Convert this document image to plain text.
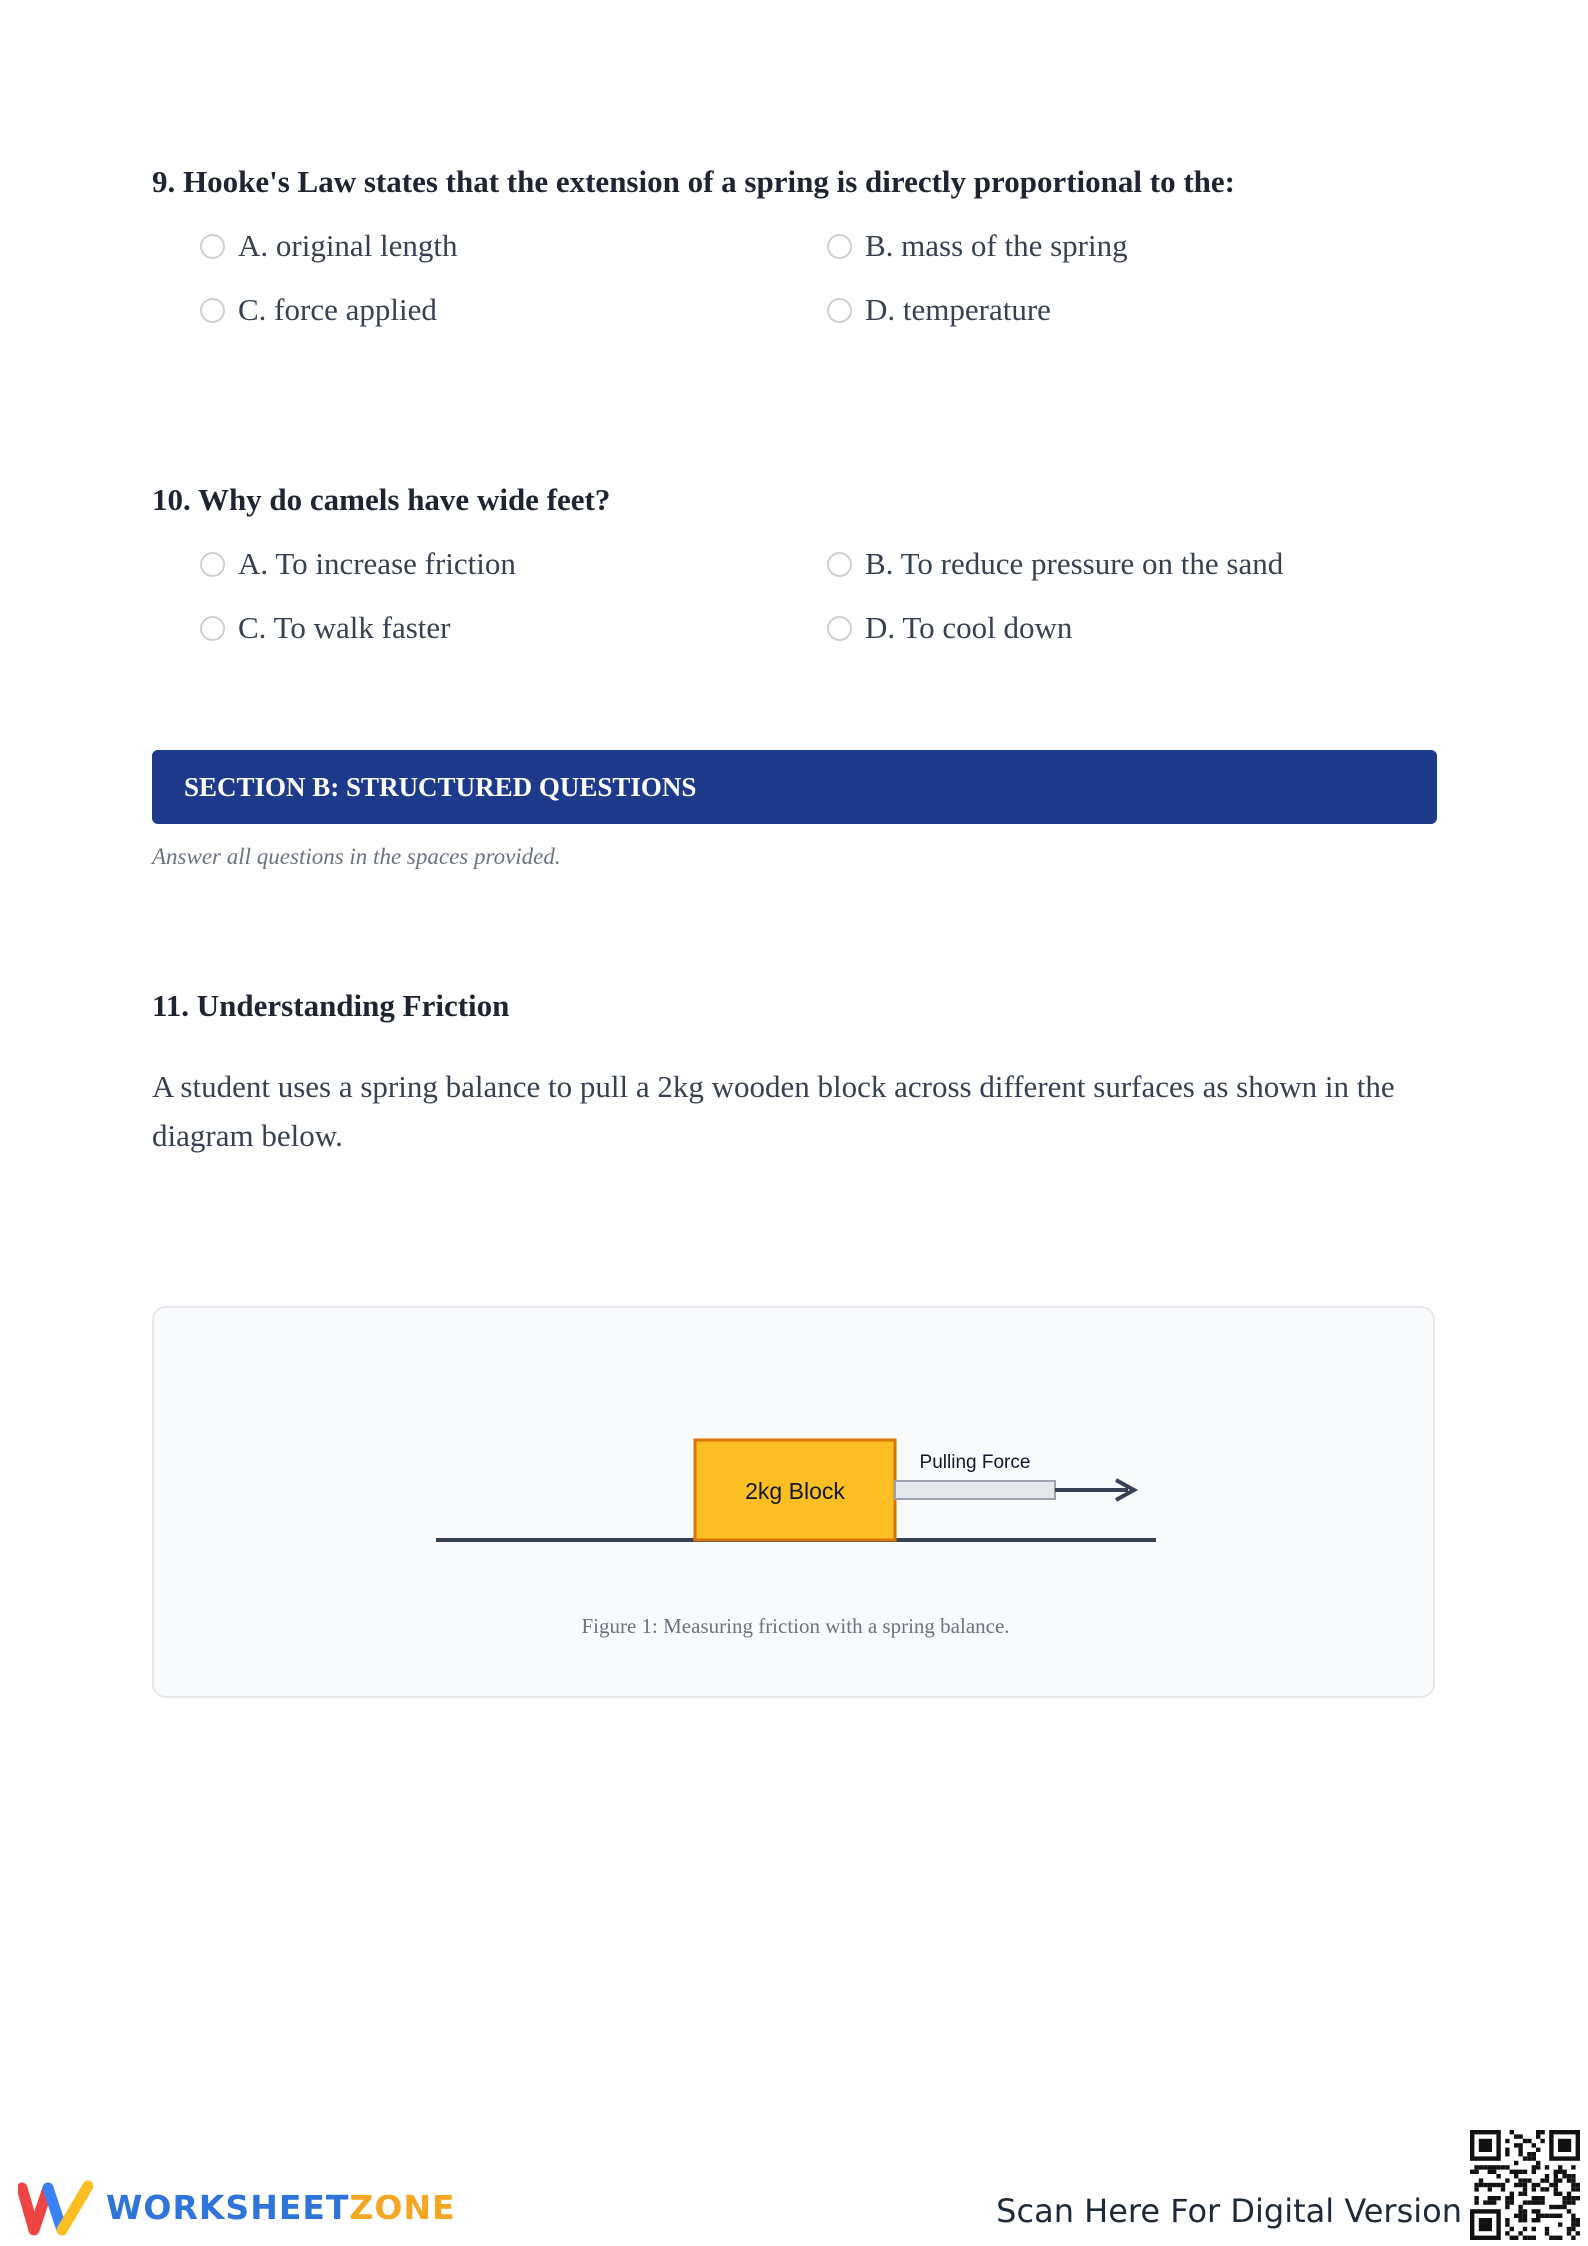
9. Hooke's Law states that the extension of a spring is directly proportional to the:
A. original length	B. mass of the spring
C. force applied	D. temperature
10. Why do camels have wide feet?
A. To increase friction	B. To reduce pressure on the sand
C. To walk faster	D. To cool down
SECTION B: STRUCTURED QUESTIONS
Answer all questions in the spaces provided.
11. Understanding Friction

A student uses a spring balance to pull a 2kg wooden block across different surfaces as shown in the diagram below.

2kg Block
Pulling Force
Figure 1: Measuring friction with a spring balance.
WORKSHEETZONE	Scan Here For Digital Version
